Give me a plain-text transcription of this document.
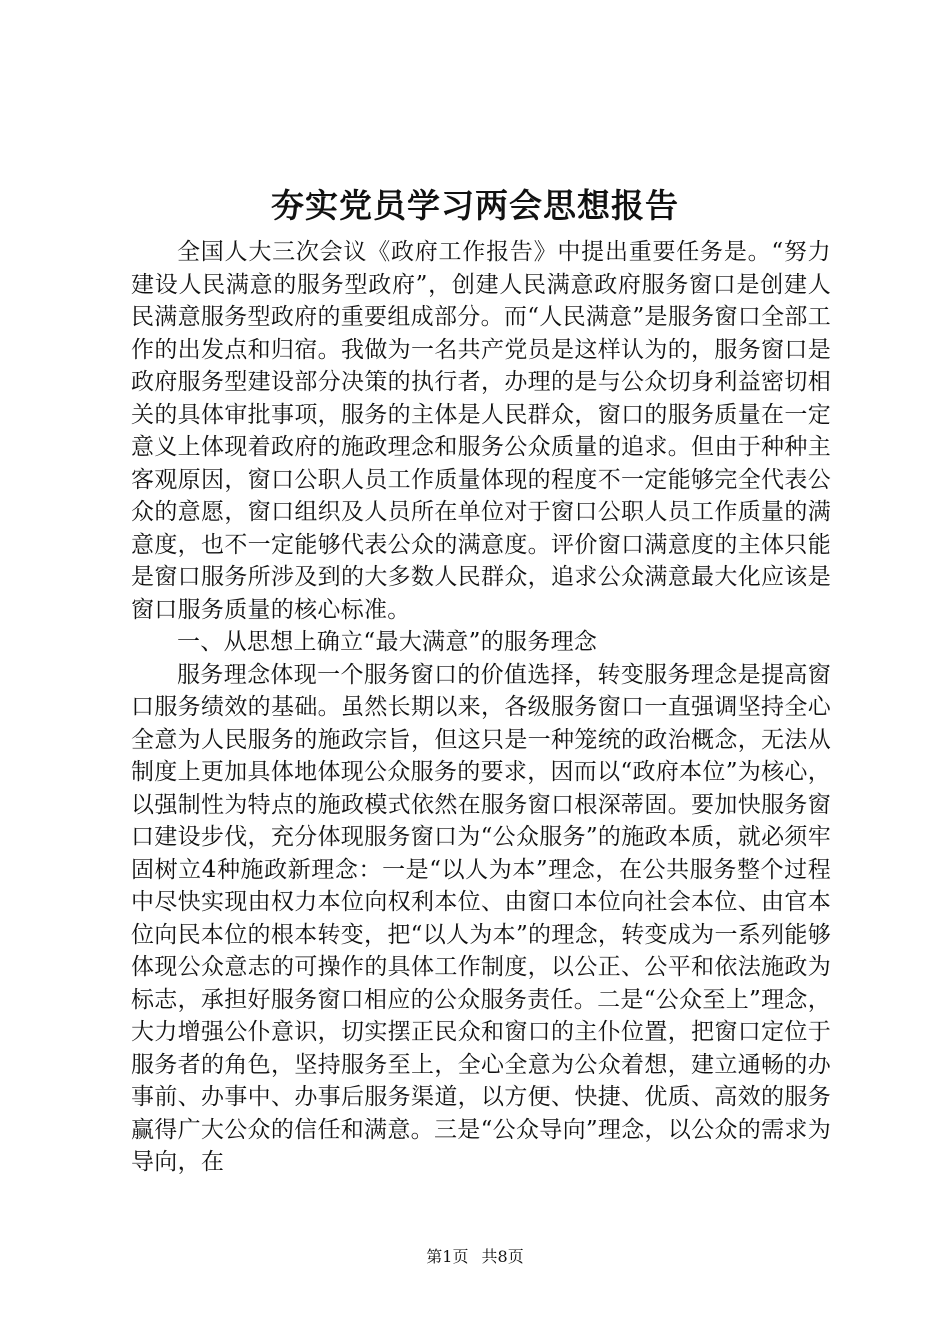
夯实党员学习两会思想报告

全国人大三次会议《政府工作报告》中提出重要任务是。“努力建设人民满意的服务型政府”，创建人民满意政府服务窗口是创建人民满意服务型政府的重要组成部分。而“人民满意”是服务窗口全部工作的出发点和归宿。我做为一名共产党员是这样认为的，服务窗口是政府服务型建设部分决策的执行者，办理的是与公众切身利益密切相关的具体审批事项，服务的主体是人民群众，窗口的服务质量在一定意义上体现着政府的施政理念和服务公众质量的追求。但由于种种主客观原因，窗口公职人员工作质量体现的程度不一定能够完全代表公众的意愿，窗口组织及人员所在单位对于窗口公职人员工作质量的满意度，也不一定能够代表公众的满意度。评价窗口满意度的主体只能是窗口服务所涉及到的大多数人民群众，追求公众满意最大化应该是窗口服务质量的核心标准。

一、从思想上确立“最大满意”的服务理念

服务理念体现一个服务窗口的价值选择，转变服务理念是提高窗口服务绩效的基础。虽然长期以来，各级服务窗口一直强调坚持全心全意为人民服务的施政宗旨，但这只是一种笼统的政治概念，无法从制度上更加具体地体现公众服务的要求，因而以“政府本位”为核心，以强制性为特点的施政模式依然在服务窗口根深蒂固。要加快服务窗口建设步伐，充分体现服务窗口为“公众服务”的施政本质，就必须牢固树立4种施政新理念：一是“以人为本”理念，在公共服务整个过程中尽快实现由权力本位向权利本位、由窗口本位向社会本位、由官本位向民本位的根本转变，把“以人为本”的理念，转变成为一系列能够体现公众意志的可操作的具体工作制度，以公正、公平和依法施政为标志，承担好服务窗口相应的公众服务责任。二是“公众至上”理念，大力增强公仆意识，切实摆正民众和窗口的主仆位置，把窗口定位于服务者的角色，坚持服务至上，全心全意为公众着想，建立通畅的办事前、办事中、办事后服务渠道，以方便、快捷、优质、高效的服务赢得广大公众的信任和满意。三是“公众导向”理念，以公众的需求为导向，在

第1页 共8页
